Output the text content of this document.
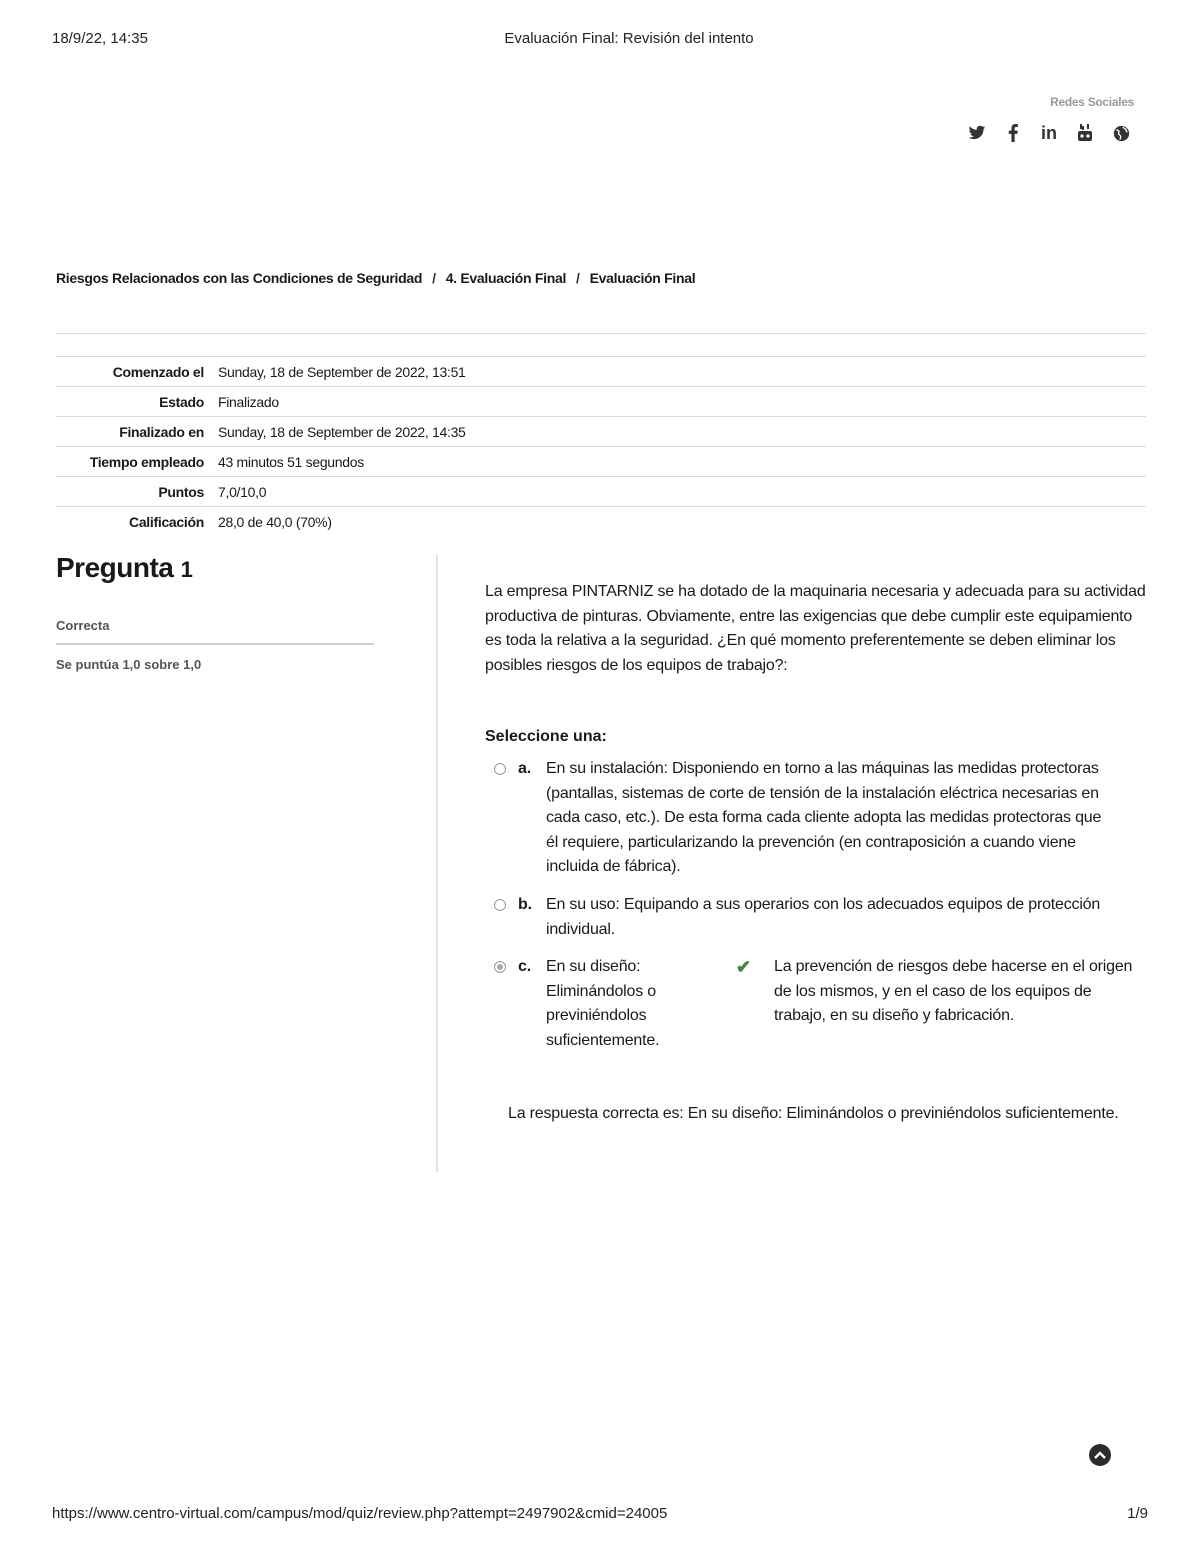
18/9/22, 14:35	Evaluación Final: Revisión del intento
Redes Sociales
in
Riesgos Relacionados con las Condiciones de Seguridad / 4. Evaluación Final / Evaluación Final
Comenzado el	Sunday, 18 de September de 2022, 13:51
Estado	Finalizado
Finalizado en	Sunday, 18 de September de 2022, 14:35
Tiempo empleado	43 minutos 51 segundos
Puntos	7,0/10,0
Calificación	28,0 de 40,0 (70%)
Pregunta 1
Correcta
Se puntúa 1,0 sobre 1,0
La empresa PINTARNIZ se ha dotado de la maquinaria necesaria y adecuada para su actividad productiva de pinturas. Obviamente, entre las exigencias que debe cumplir este equipamiento es toda la relativa a la seguridad. ¿En qué momento preferentemente se deben eliminar los posibles riesgos de los equipos de trabajo?:
Seleccione una:
a. En su instalación: Disponiendo en torno a las máquinas las medidas protectoras (pantallas, sistemas de corte de tensión de la instalación eléctrica necesarias en cada caso, etc.). De esta forma cada cliente adopta las medidas protectoras que él requiere, particularizando la prevención (en contraposición a cuando viene incluida de fábrica).
b. En su uso: Equipando a sus operarios con los adecuados equipos de protección individual.
c. En su diseño: Eliminándolos o previniéndolos suficientemente.
✔	La prevención de riesgos debe hacerse en el origen de los mismos, y en el caso de los equipos de trabajo, en su diseño y fabricación.
La respuesta correcta es: En su diseño: Eliminándolos o previniéndolos suficientemente.
https://www.centro-virtual.com/campus/mod/quiz/review.php?attempt=2497902&cmid=24005	1/9
